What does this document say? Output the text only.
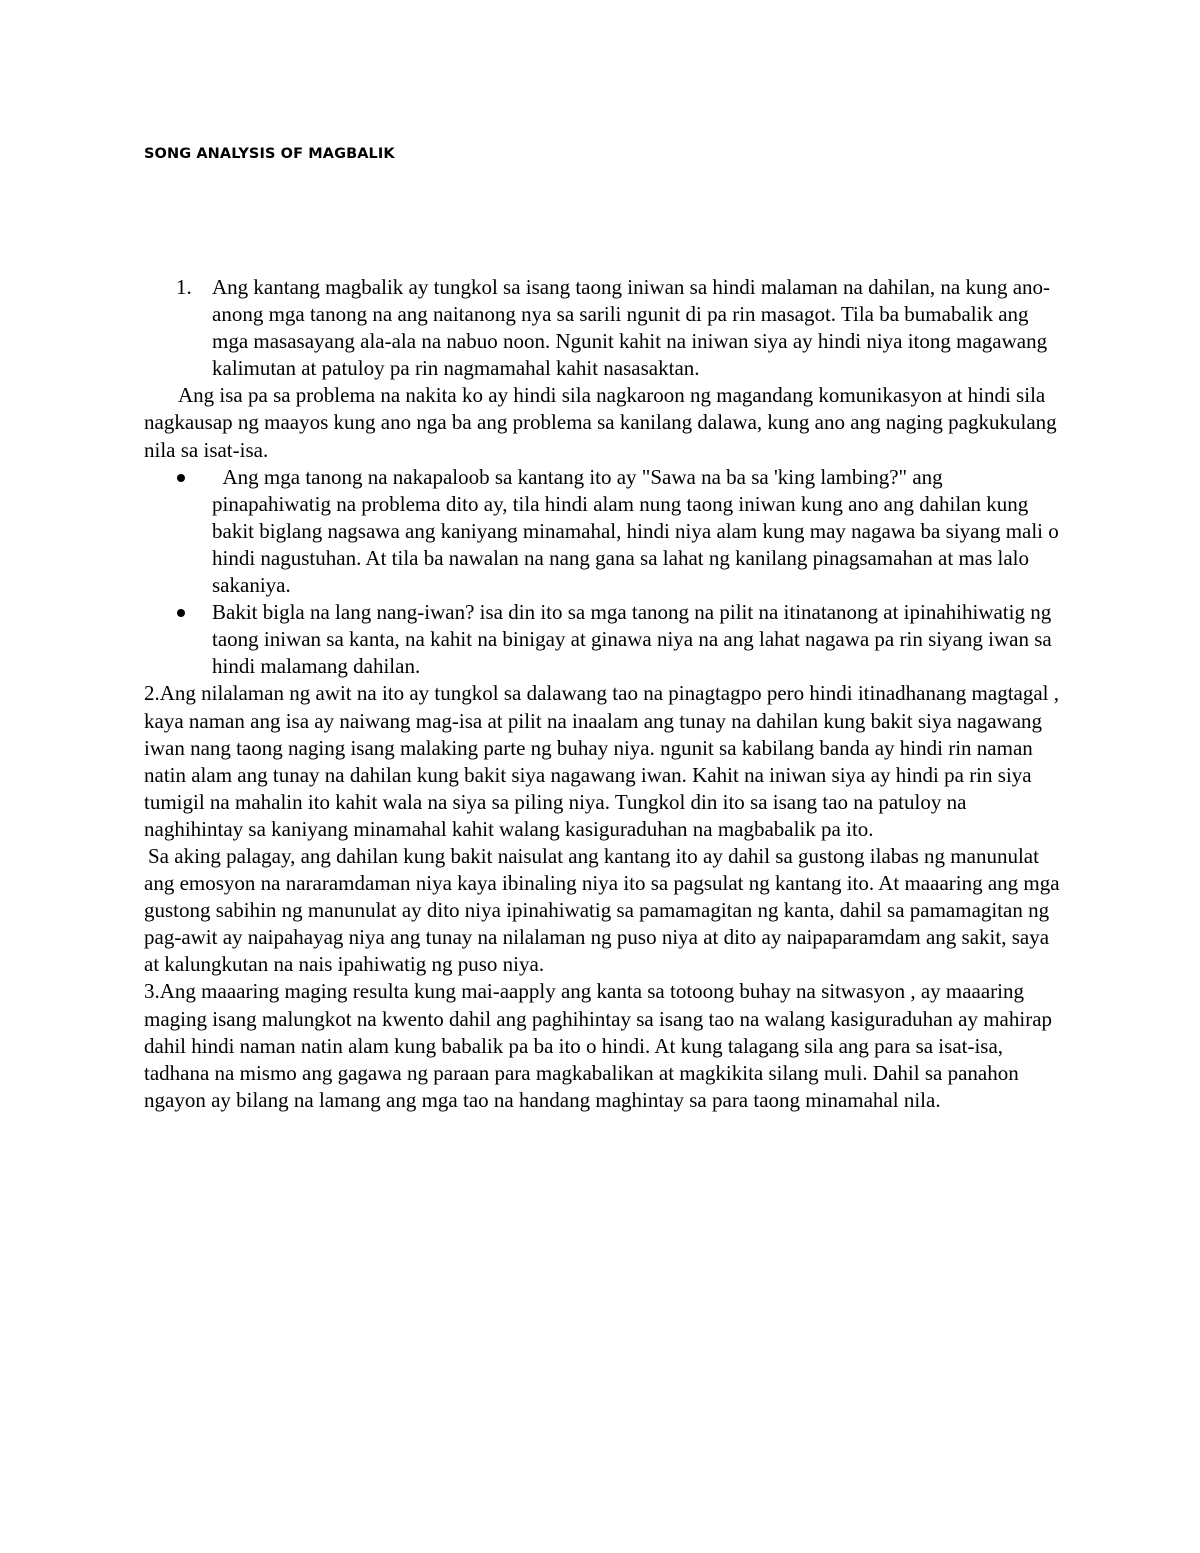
SONG ANALYSIS OF MAGBALIK
1. Ang kantang magbalik ay tungkol sa isang taong iniwan sa hindi malaman na dahilan, na kung ano-anong mga tanong na ang naitanong nya sa sarili ngunit di pa rin masagot. Tila ba bumabalik ang mga masasayang ala-ala na nabuo noon. Ngunit kahit na iniwan siya ay hindi niya itong magawang kalimutan at patuloy pa rin nagmamahal kahit nasasaktan.

Ang isa pa sa problema na nakita ko ay hindi sila nagkaroon ng magandang komunikasyon at hindi sila nagkausap ng maayos kung ano nga ba ang problema sa kanilang dalawa, kung ano ang naging pagkukulang nila sa isat-isa.

Ang mga tanong na nakapaloob sa kantang ito ay "Sawa na ba sa 'king lambing?" ang pinapahiwatig na problema dito ay, tila hindi alam nung taong iniwan kung ano ang dahilan kung bakit biglang nagsawa ang kaniyang minamahal, hindi niya alam kung may nagawa ba siyang mali o hindi nagustuhan. At tila ba nawalan na nang gana sa lahat ng kanilang pinagsamahan at mas lalo sakaniya.

Bakit bigla na lang nang-iwan? isa din ito sa mga tanong na pilit na itinatanong at ipinahihiwatig ng taong iniwan sa kanta, na kahit na binigay at ginawa niya na ang lahat nagawa pa rin siyang iwan sa hindi malamang dahilan.

2.Ang nilalaman ng awit na ito ay tungkol sa dalawang tao na pinagtagpo pero hindi itinadhanang magtagal , kaya naman ang isa ay naiwang mag-isa at pilit na inaalam ang tunay na dahilan kung bakit siya nagawang iwan nang taong naging isang malaking parte ng buhay niya. ngunit sa kabilang banda ay hindi rin naman natin alam ang tunay na dahilan kung bakit siya nagawang iwan. Kahit na iniwan siya ay hindi pa rin siya tumigil na mahalin ito kahit wala na siya sa piling niya. Tungkol din ito sa isang tao na patuloy na naghihintay sa kaniyang minamahal kahit walang kasiguraduhan na magbabalik pa ito.

Sa aking palagay, ang dahilan kung bakit naisulat ang kantang ito ay dahil sa gustong ilabas ng manunulat ang emosyon na nararamdaman niya kaya ibinaling niya ito sa pagsulat ng kantang ito. At maaaring ang mga gustong sabihin ng manunulat ay dito niya ipinahiwatig sa pamamagitan ng kanta, dahil sa pamamagitan ng pag-awit ay naipahayag niya ang tunay na nilalaman ng puso niya at dito ay naipaparamdam ang sakit, saya at kalungkutan na nais ipahiwatig ng puso niya.

3.Ang maaaring maging resulta kung mai-aapply ang kanta sa totoong buhay na sitwasyon , ay maaaring maging isang malungkot na kwento dahil ang paghihintay sa isang tao na walang kasiguraduhan ay mahirap dahil hindi naman natin alam kung babalik pa ba ito o hindi. At kung talagang sila ang para sa isat-isa, tadhana na mismo ang gagawa ng paraan para magkabalikan at magkikita silang muli. Dahil sa panahon ngayon ay bilang na lamang ang mga tao na handang maghintay sa para taong minamahal nila.
